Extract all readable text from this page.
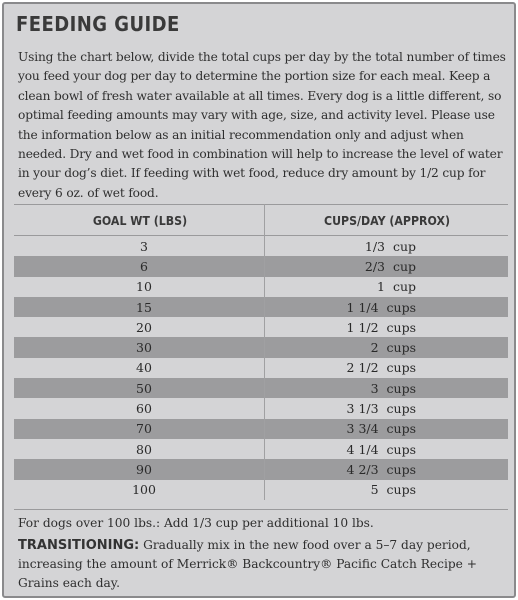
FEEDING GUIDE
Using the chart below, divide the total cups per day by the total number of times you feed your dog per day to determine the portion size for each meal. Keep a clean bowl of fresh water available at all times. Every dog is a little different, so optimal feeding amounts may vary with age, size, and activity level. Please use the information below as an initial recommendation only and adjust when needed. Dry and wet food in combination will help to increase the level of water in your dog’s diet. If feeding with wet food, reduce dry amount by 1/2 cup for every 6 oz. of wet food.
GOAL WT (LBS)	CUPS/DAY (APPROX)
3	1/3  cup
6	2/3  cup
10	1  cup
15	1 1/4  cups
20	1 1/2  cups
30	2  cups
40	2 1/2  cups
50	3  cups
60	3 1/3  cups
70	3 3/4  cups
80	4 1/4  cups
90	4 2/3  cups
100	5  cups
For dogs over 100 lbs.: Add 1/3 cup per additional 10 lbs.
TRANSITIONING: Gradually mix in the new food over a 5–7 day period, increasing the amount of Merrick® Backcountry® Pacific Catch Recipe + Grains each day.
